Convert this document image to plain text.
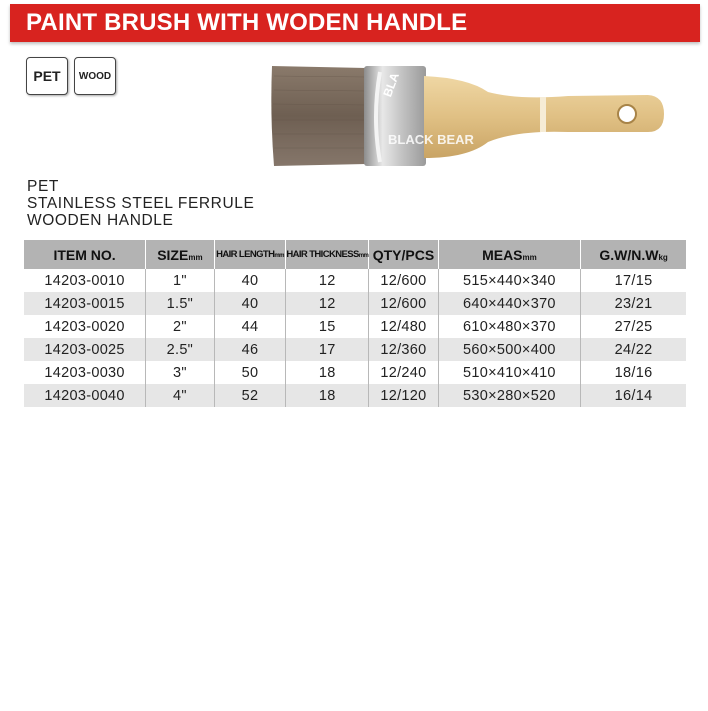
PAINT BRUSH WITH WODEN HANDLE
PET	WOOD	BLA
BLACK BEAR
PET
STAINLESS STEEL FERRULE
WOODEN HANDLE
ITEM NO.	SIZEmm	HAIR LENGTHmm	HAIR THICKNESSmm	QTY/PCS	MEASmm	G.W/N.Wkg
14203-0010	1"	40	12	12/600	515×440×340	17/15
14203-0015	1.5"	40	12	12/600	640×440×370	23/21
14203-0020	2"	44	15	12/480	610×480×370	27/25
14203-0025	2.5"	46	17	12/360	560×500×400	24/22
14203-0030	3"	50	18	12/240	510×410×410	18/16
14203-0040	4"	52	18	12/120	530×280×520	16/14
